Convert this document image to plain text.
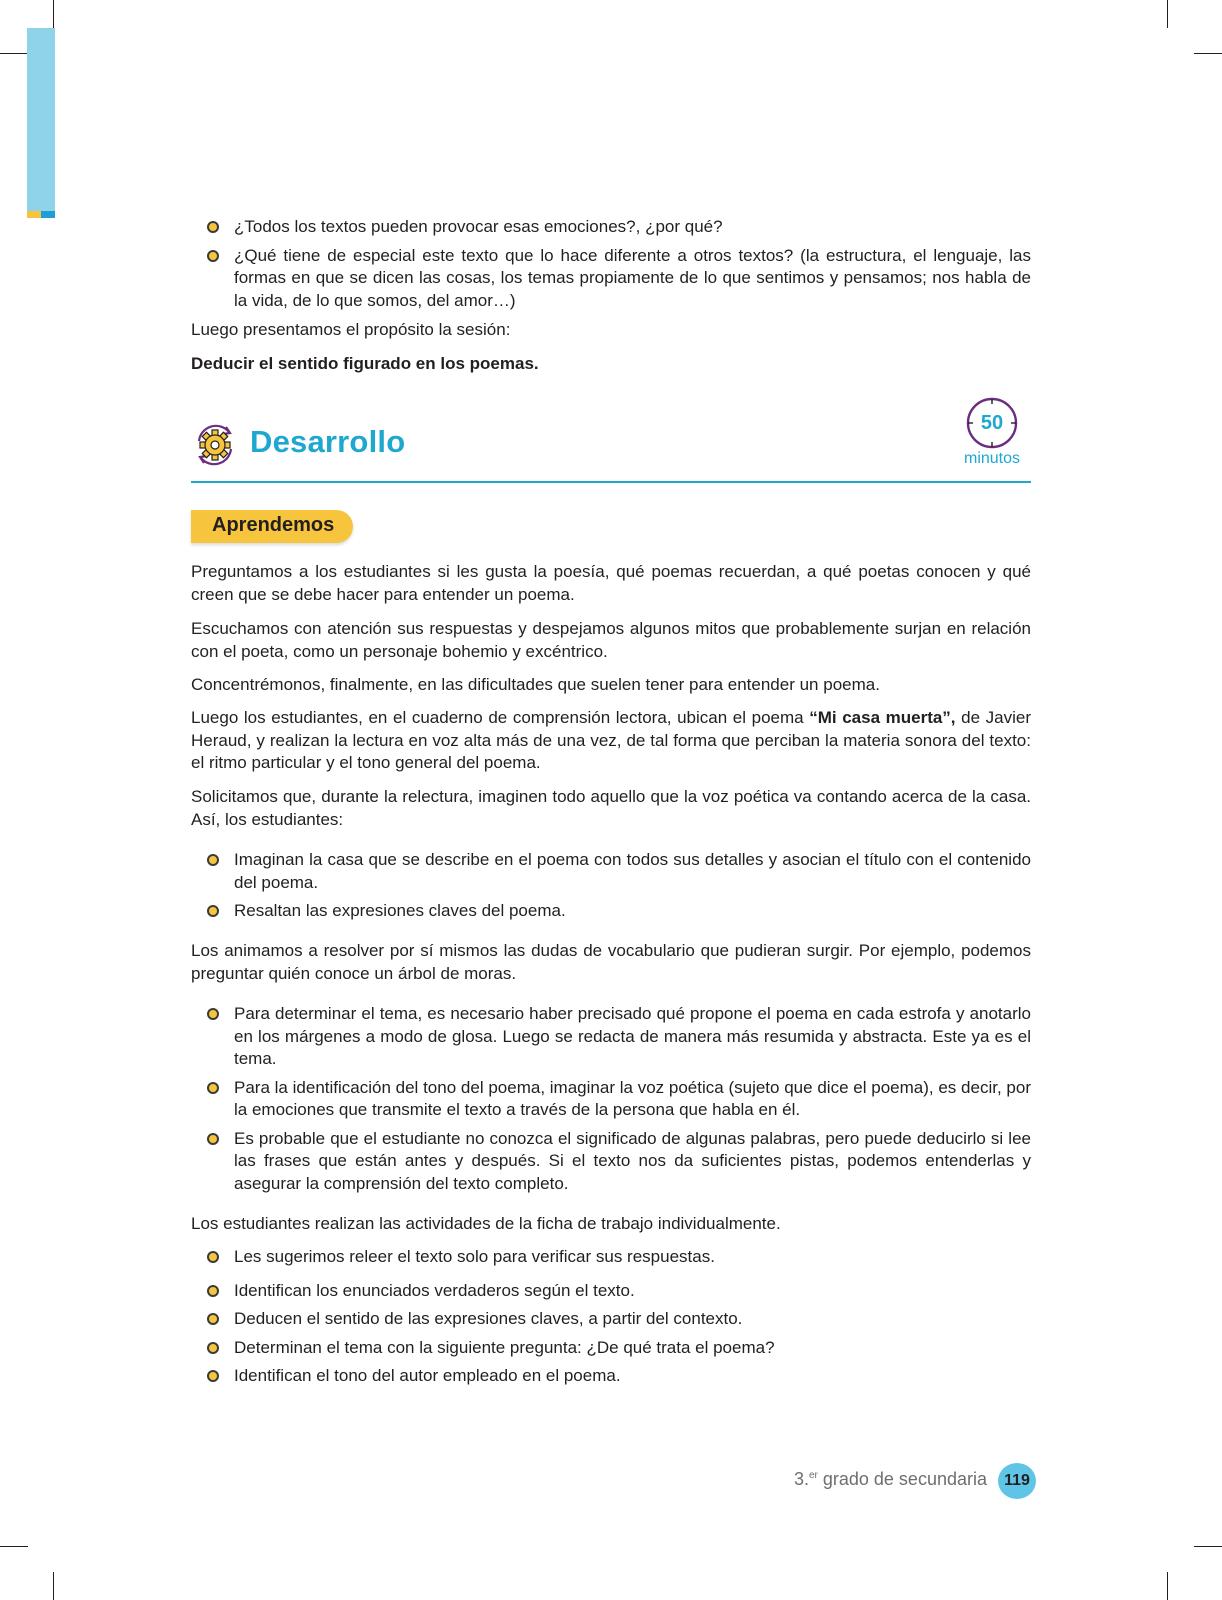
¿Todos los textos pueden provocar esas emociones?, ¿por qué?
¿Qué tiene de especial este texto que lo hace diferente a otros textos? (la estructura, el lenguaje, las formas en que se dicen las cosas, los temas propiamente de lo que sentimos y pensamos; nos habla de la vida, de lo que somos, del amor…)

Luego presentamos el propósito la sesión:

Deducir el sentido figurado en los poemas.

Desarrollo
50
minutos
Aprendemos

Preguntamos a los estudiantes si les gusta la poesía, qué poemas recuerdan, a qué poetas conocen y qué creen que se debe hacer para entender un poema.

Escuchamos con atención sus respuestas y despejamos algunos mitos que probablemente surjan en relación con el poeta, como un personaje bohemio y excéntrico.

Concentrémonos, finalmente, en las dificultades que suelen tener para entender un poema.

Luego los estudiantes, en el cuaderno de comprensión lectora, ubican el poema “Mi casa muerta”, de Javier Heraud, y realizan la lectura en voz alta más de una vez, de tal forma que perciban la materia sonora del texto: el ritmo particular y el tono general del poema.

Solicitamos que, durante la relectura, imaginen todo aquello que la voz poética va contando acerca de la casa. Así, los estudiantes:

Imaginan la casa que se describe en el poema con todos sus detalles y asocian el título con el contenido del poema.
Resaltan las expresiones claves del poema.

Los animamos a resolver por sí mismos las dudas de vocabulario que pudieran surgir. Por ejemplo, podemos preguntar quién conoce un árbol de moras.

Para determinar el tema, es necesario haber precisado qué propone el poema en cada estrofa y anotarlo en los márgenes a modo de glosa. Luego se redacta de manera más resumida y abstracta. Este ya es el tema.
Para la identificación del tono del poema, imaginar la voz poética (sujeto que dice el poema), es decir, por la emociones que transmite el texto a través de la persona que habla en él.
Es probable que el estudiante no conozca el significado de algunas palabras, pero puede deducirlo si lee las frases que están antes y después. Si el texto nos da suficientes pistas, podemos entenderlas y asegurar la comprensión del texto completo.

Los estudiantes realizan las actividades de la ficha de trabajo individualmente.

Les sugerimos releer el texto solo para verificar sus respuestas.
Identifican los enunciados verdaderos según el texto.
Deducen el sentido de las expresiones claves, a partir del contexto.
Determinan el tema con la siguiente pregunta: ¿De qué trata el poema?
Identifican el tono del autor empleado en el poema.
3.$^{er}$ grado de secundaria	119
